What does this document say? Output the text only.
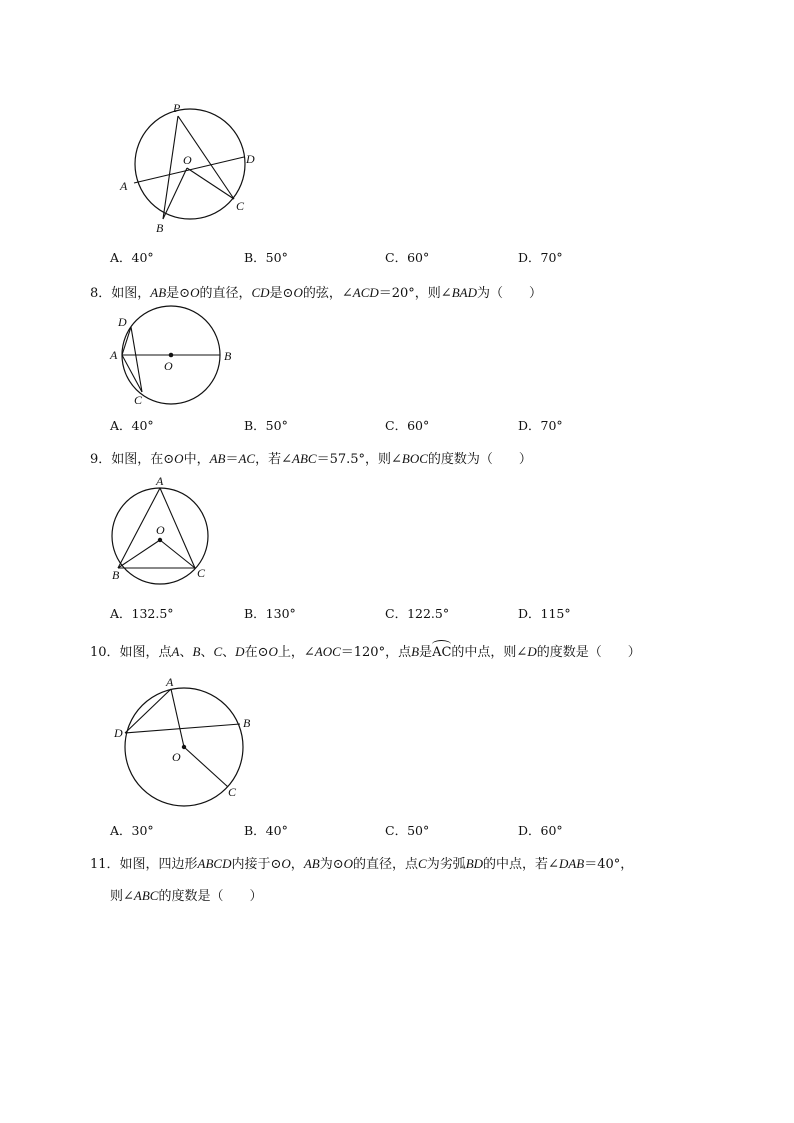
P
O	D
A
C
B
A．40°	B．50°	C．60°	D．70°
8．如图，AB是⊙O的直径，CD是⊙O的弦，∠ACD＝20°，则∠BAD为（　　）
D
A
O
B
C
A．40°	B．50°	C．60°	D．70°
9．如图，在⊙O中，AB＝AC，若∠ABC＝57.5°，则∠BOC的度数为（　　）
A
O
B	C
A．132.5°	B．130°	C．122.5°	D．115°
10．如图，点A、B、C、D在⊙O上，∠AOC＝120°，点B是AC的中点，则∠D的度数是（　　）
A
B
D
O
C
A．30°	B．40°	C．50°	D．60°
11．如图，四边形ABCD内接于⊙O，AB为⊙O的直径，点C为劣弧BD的中点，若∠DAB＝40°，
则∠ABC的度数是（　　）
